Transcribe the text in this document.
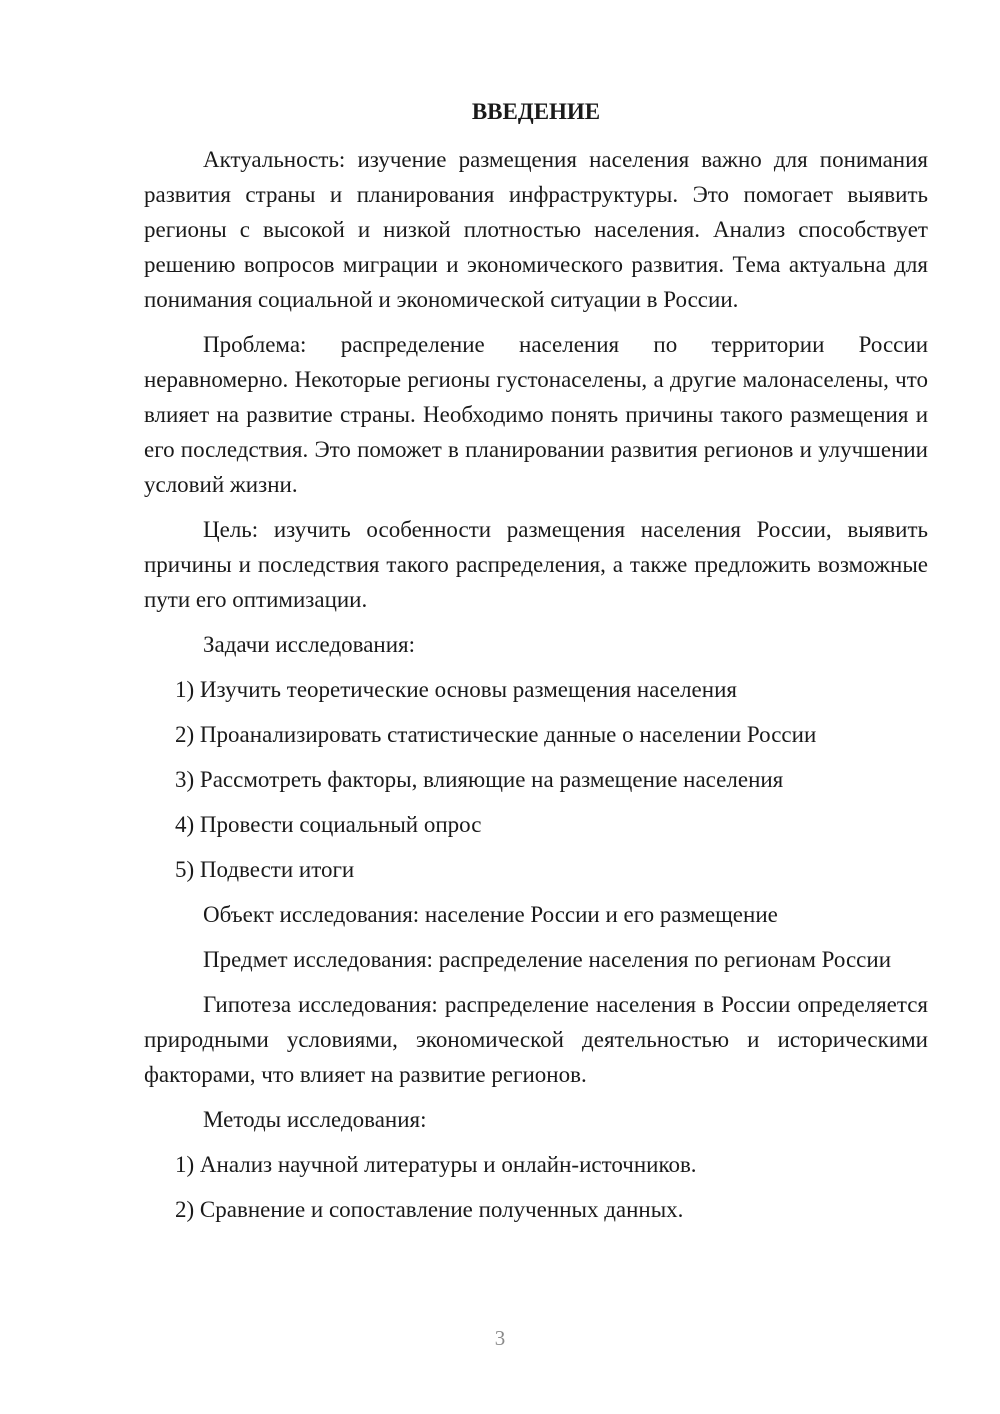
ВВЕДЕНИЕ

Актуальность: изучение размещения населения важно для понимания развития страны и планирования инфраструктуры. Это помогает выявить регионы с высокой и низкой плотностью населения. Анализ способствует решению вопросов миграции и экономического развития. Тема актуальна для понимания социальной и экономической ситуации в России.

Проблема: распределение населения по территории России неравномерно. Некоторые регионы густонаселены, а другие малонаселены, что влияет на развитие страны. Необходимо понять причины такого размещения и его последствия. Это поможет в планировании развития регионов и улучшении условий жизни.

Цель: изучить особенности размещения населения России, выявить причины и последствия такого распределения, а также предложить возможные пути его оптимизации.

Задачи исследования:
1) Изучить теоретические основы размещения населения
2) Проанализировать статистические данные о населении России
3) Рассмотреть факторы, влияющие на размещение населения
4) Провести социальный опрос
5) Подвести итоги
Объект исследования: население России и его размещение

Предмет исследования: распределение населения по регионам России

Гипотеза исследования: распределение населения в России определяется природными условиями, экономической деятельностью и историческими факторами, что влияет на развитие регионов.

Методы исследования:
1) Анализ научной литературы и онлайн-источников.
2) Сравнение и сопоставление полученных данных.
3
